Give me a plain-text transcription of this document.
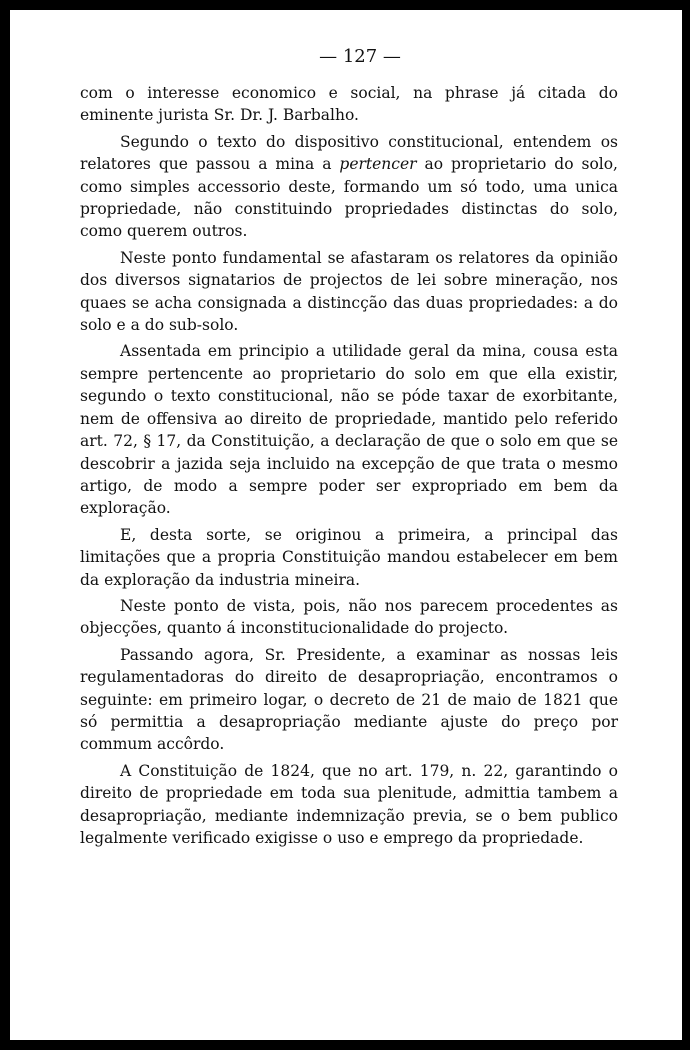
— 127 —

com o interesse economico e social, na phrase já citada do eminente jurista Sr. Dr. J. Barbalho.

Segundo o texto do dispositivo constitucional, entendem os relatores que passou a mina a pertencer ao proprietario do solo, como simples accessorio deste, formando um só todo, uma unica propriedade, não constituindo propriedades distinctas do solo, como querem outros.

Neste ponto fundamental se afastaram os relatores da opinião dos diversos signatarios de projectos de lei sobre mineração, nos quaes se acha consignada a distincção das duas propriedades: a do solo e a do sub-solo.

Assentada em principio a utilidade geral da mina, cousa esta sempre pertencente ao proprietario do solo em que ella existir, segundo o texto constitucional, não se póde taxar de exorbitante, nem de offensiva ao direito de propriedade, mantido pelo referido art. 72, § 17, da Constituição, a declaração de que o solo em que se descobrir a jazida seja incluido na excepção de que trata o mesmo artigo, de modo a sempre poder ser expropriado em bem da exploração.

E, desta sorte, se originou a primeira, a principal das limitações que a propria Constituição mandou estabelecer em bem da exploração da industria mineira.

Neste ponto de vista, pois, não nos parecem procedentes as objecções, quanto á inconstitucionalidade do projecto.

Passando agora, Sr. Presidente, a examinar as nossas leis regulamentadoras do direito de desapropriação, encontramos o seguinte: em primeiro logar, o decreto de 21 de maio de 1821 que só permittia a desapropriação mediante ajuste do preço por commum accôrdo.

A Constituição de 1824, que no art. 179, n. 22, garantindo o direito de propriedade em toda sua plenitude, admittia tambem a desapropriação, mediante indemnização previa, se o bem publico legalmente verificado exigisse o uso e emprego da propriedade.
